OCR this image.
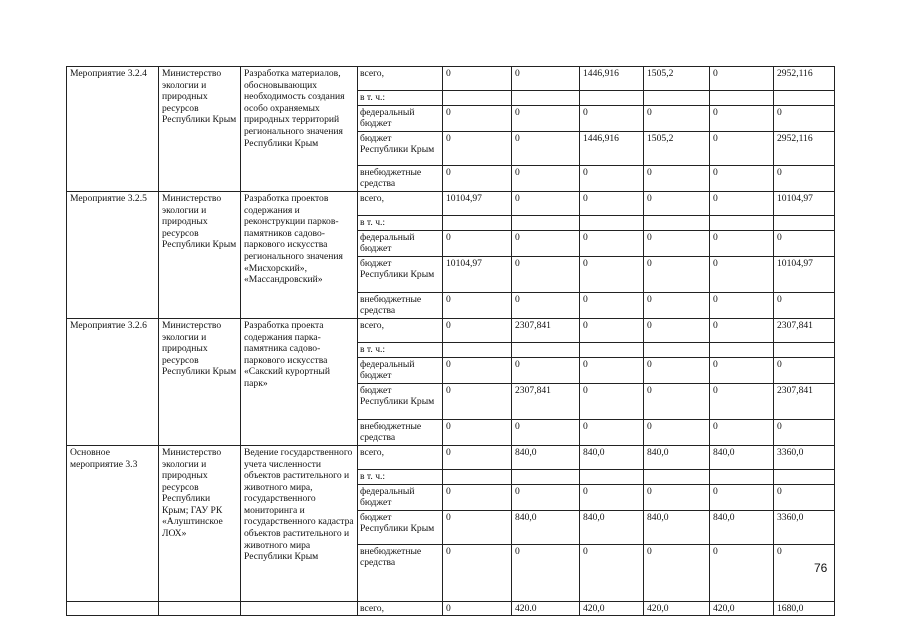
Мероприятие 3.2.4	Министерство экологии и природных ресурсов Республики Крым	Разработка материалов, обосновывающих необходимость создания особо охраняемых природных территорий регионального значения Республики Крым	всего,	0	0	1446,916	1505,2	0	2952,116
			в т. ч.:						
			федеральный бюджет	0	0	0	0	0	0
			бюджет Республики Крым	0	0	1446,916	1505,2	0	2952,116
			внебюджетные средства	0	0	0	0	0	0
Мероприятие 3.2.5	Министерство экологии и природных ресурсов Республики Крым	Разработка проектов содержания и реконструкции парков-памятников садово-паркового искусства регионального значения «Мисхорский», «Массандровский»	всего,	10104,97	0	0	0	0	10104,97
			в т. ч.:						
			федеральный бюджет	0	0	0	0	0	0
			бюджет Республики Крым	10104,97	0	0	0	0	10104,97
			внебюджетные средства	0	0	0	0	0	0
Мероприятие 3.2.6	Министерство экологии и природных ресурсов Республики Крым	Разработка проекта содержания парка-памятника садово-паркового искусства «Сакский курортный парк»	всего,	0	2307,841	0	0	0	2307,841
			в т. ч.:						
			федеральный бюджет	0	0	0	0	0	0
			бюджет Республики Крым	0	2307,841	0	0	0	2307,841
			внебюджетные средства	0	0	0	0	0	0
Основное мероприятие 3.3	Министерство экологии и природных ресурсов Республики Крым; ГАУ РК «Алуштинское ЛОХ»	Ведение государственного учета численности объектов растительного и животного мира, государственного мониторинга и государственного кадастра объектов растительного и животного мира Республики Крым	всего,	0	840,0	840,0	840,0	840,0	3360,0
			в т. ч.:						
			федеральный бюджет	0	0	0	0	0	0
			бюджет Республики Крым	0	840,0	840,0	840,0	840,0	3360,0
			внебюджетные средства	0	0	0	0	0	0
			всего,	0	420.0	420,0	420,0	420,0	1680,0
76
